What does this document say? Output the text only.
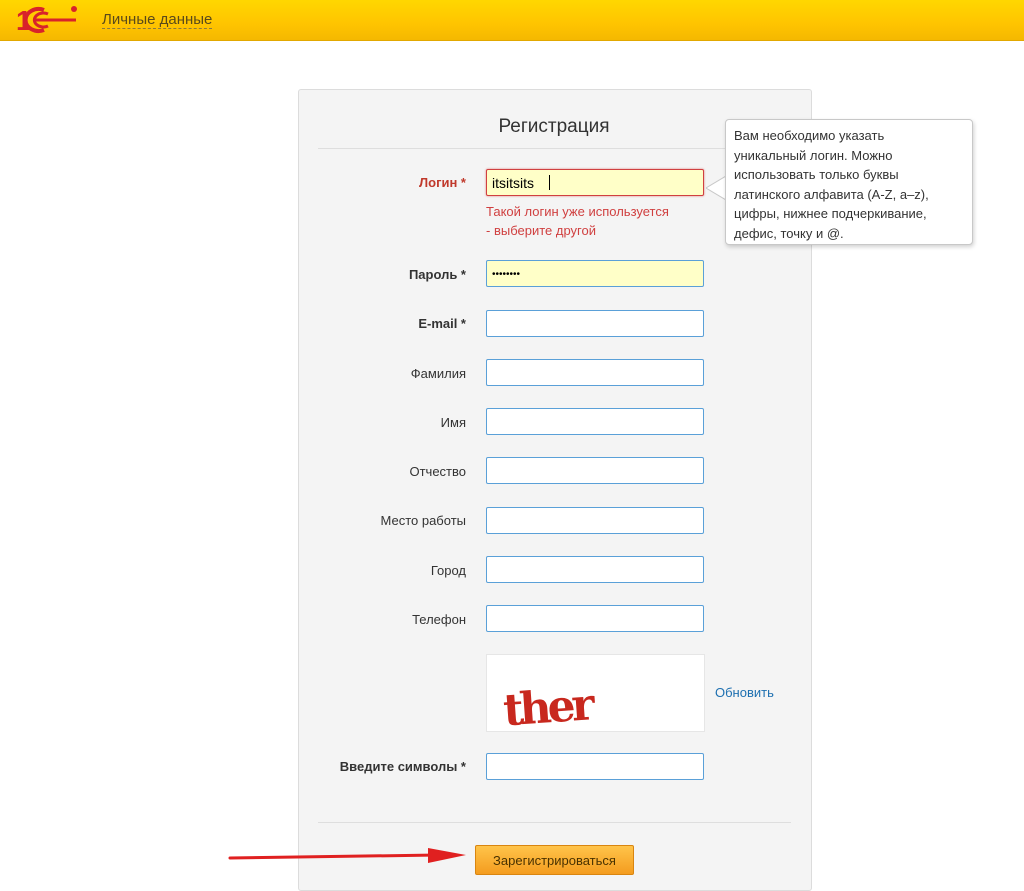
1	Личные данные
Регистрация
Логин * itsitsits
Такой логин уже используется
- выберите другой
Вам необходимо указать
уникальный логин. Можно
использовать только буквы
латинского алфавита (A-Z, a–z),
цифры, нижнее подчеркивание,
дефис, точку и @.
Пароль *	••••••••
E-mail *
Фамилия
Имя
Отчество
Место работы
Город
Телефон
ther	Обновить
Введите символы *
Зарегистрироваться
